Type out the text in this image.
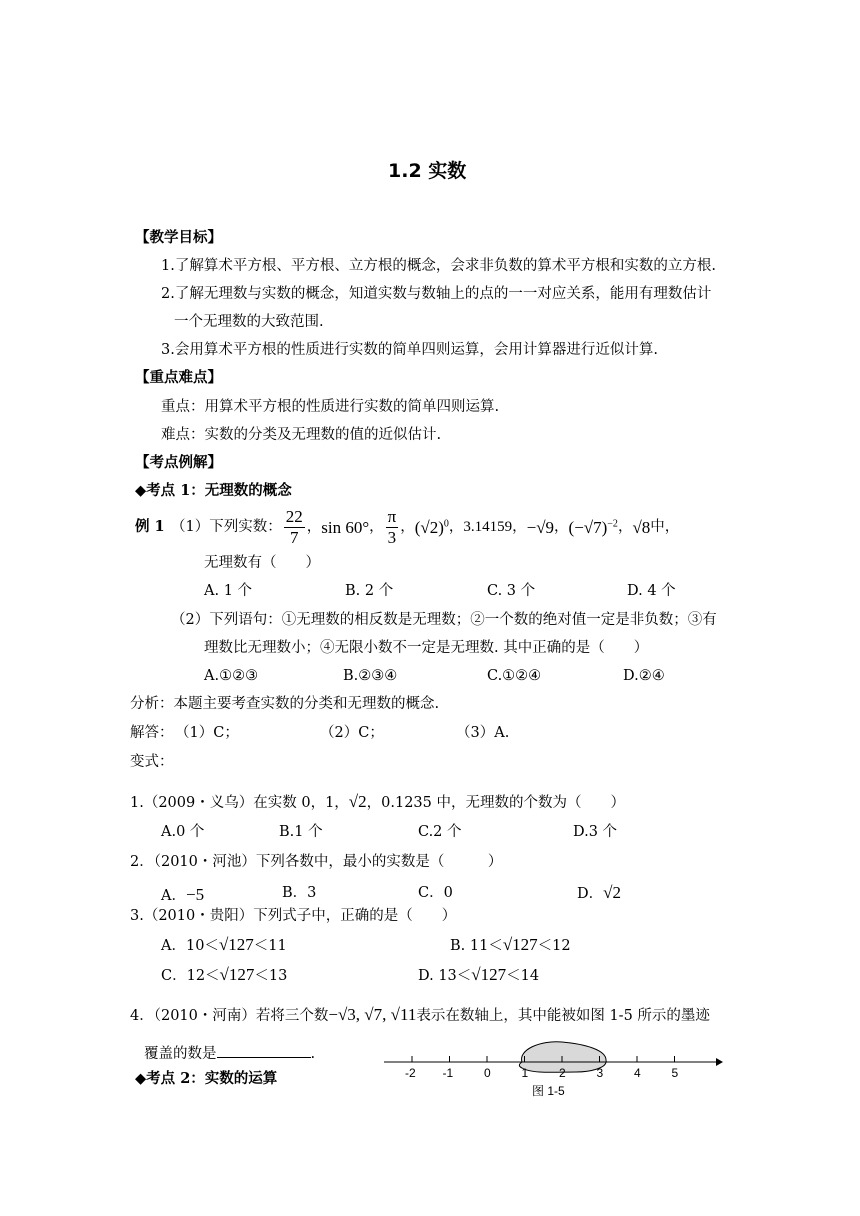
1.2 实数
【教学目标】
1.了解算术平方根、平方根、立方根的概念，会求非负数的算术平方根和实数的立方根.
2.了解无理数与实数的概念，知道实数与数轴上的点的一一对应关系，能用有理数估计
一个无理数的大致范围.
3.会用算术平方根的性质进行实数的简单四则运算，会用计算器进行近似计算.
【重点难点】
重点：用算术平方根的性质进行实数的简单四则运算.
难点：实数的分类及无理数的值的近似估计.
【考点例解】
◆考点 1：无理数的概念
例 1 （1）下列实数： $\frac{22}{7}$ ， sin 60° ， $\frac{\pi}{3}$ ， $(√2)^0$ ， 3.14159 ， −√9 ， $(-√7)^{-2}$ ， √8 中，
无理数有（　　）
A. 1 个	B. 2 个	C. 3 个	D. 4 个
（2）下列语句：①无理数的相反数是无理数；②一个数的绝对值一定是非负数；③有
理数比无理数小；④无限小数不一定是无理数. 其中正确的是（　　）
A.①②③	B.②③④	C.①②④	D.②④
分析：本题主要考查实数的分类和无理数的概念.
解答： （1）C；	（2）C；	（3）A.
变式：
1.（2009・义乌）在实数 0，1，√2，0.1235 中，无理数的个数为（　　）
A.0 个	B.1 个	C.2 个	D.3 个
2．（2010・河池）下列各数中，最小的实数是（　　　）
A．−5	B．3	C．0	D．√2
3.（2010・贵阳）下列式子中，正确的是（　　）
A．10＜√127＜11	B. 11＜√127＜12
C．12＜√127＜13	D. 13＜√127＜14
4．（2010・河南）若将三个数−√3, √7, √11表示在数轴上，其中能被如图 1-5 所示的墨迹
覆盖的数是	.
-2 -1	0	1	2	3	4	5
图 1-5
◆考点 2：实数的运算
